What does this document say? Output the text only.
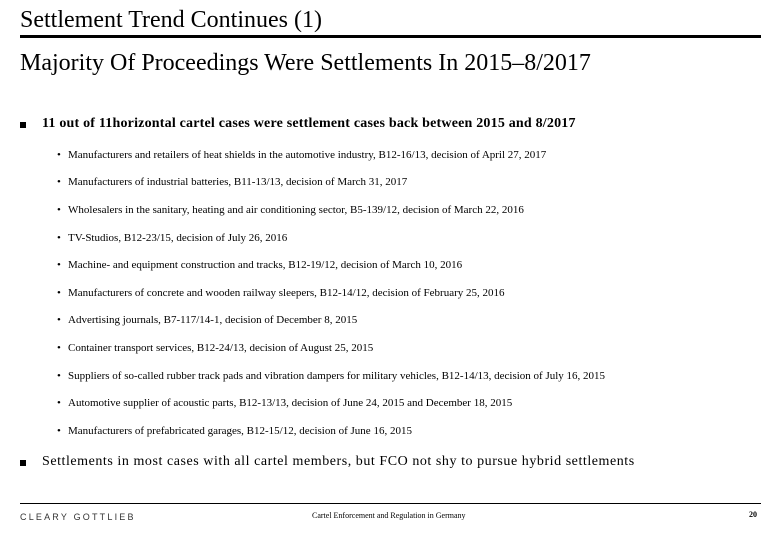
Settlement Trend Continues (1)
Majority Of Proceedings Were Settlements In 2015–8/2017
11 out of 11horizontal cartel cases were settlement cases back between 2015 and 8/2017
• Manufacturers and retailers of heat shields in the automotive industry, B12-16/13, decision of April 27, 2017
• Manufacturers of industrial batteries, B11-13/13, decision of March 31, 2017
• Wholesalers in the sanitary, heating and air conditioning sector, B5-139/12, decision of March 22, 2016
• TV-Studios, B12-23/15, decision of July 26, 2016
• Machine- and equipment construction and tracks, B12-19/12, decision of March 10, 2016
• Manufacturers of concrete and wooden railway sleepers, B12-14/12, decision of February 25, 2016
• Advertising journals, B7-117/14-1, decision of December 8, 2015
• Container transport services, B12-24/13, decision of August 25, 2015
• Suppliers of so-called rubber track pads and vibration dampers for military vehicles, B12-14/13, decision of July 16, 2015
• Automotive supplier of acoustic parts, B12-13/13, decision of June 24, 2015 and December 18, 2015
• Manufacturers of prefabricated garages, B12-15/12, decision of June 16, 2015
Settlements in most cases with all cartel members, but FCO not shy to pursue hybrid settlements
CLEARY GOTTLIEB	Cartel Enforcement and Regulation in Germany	20
